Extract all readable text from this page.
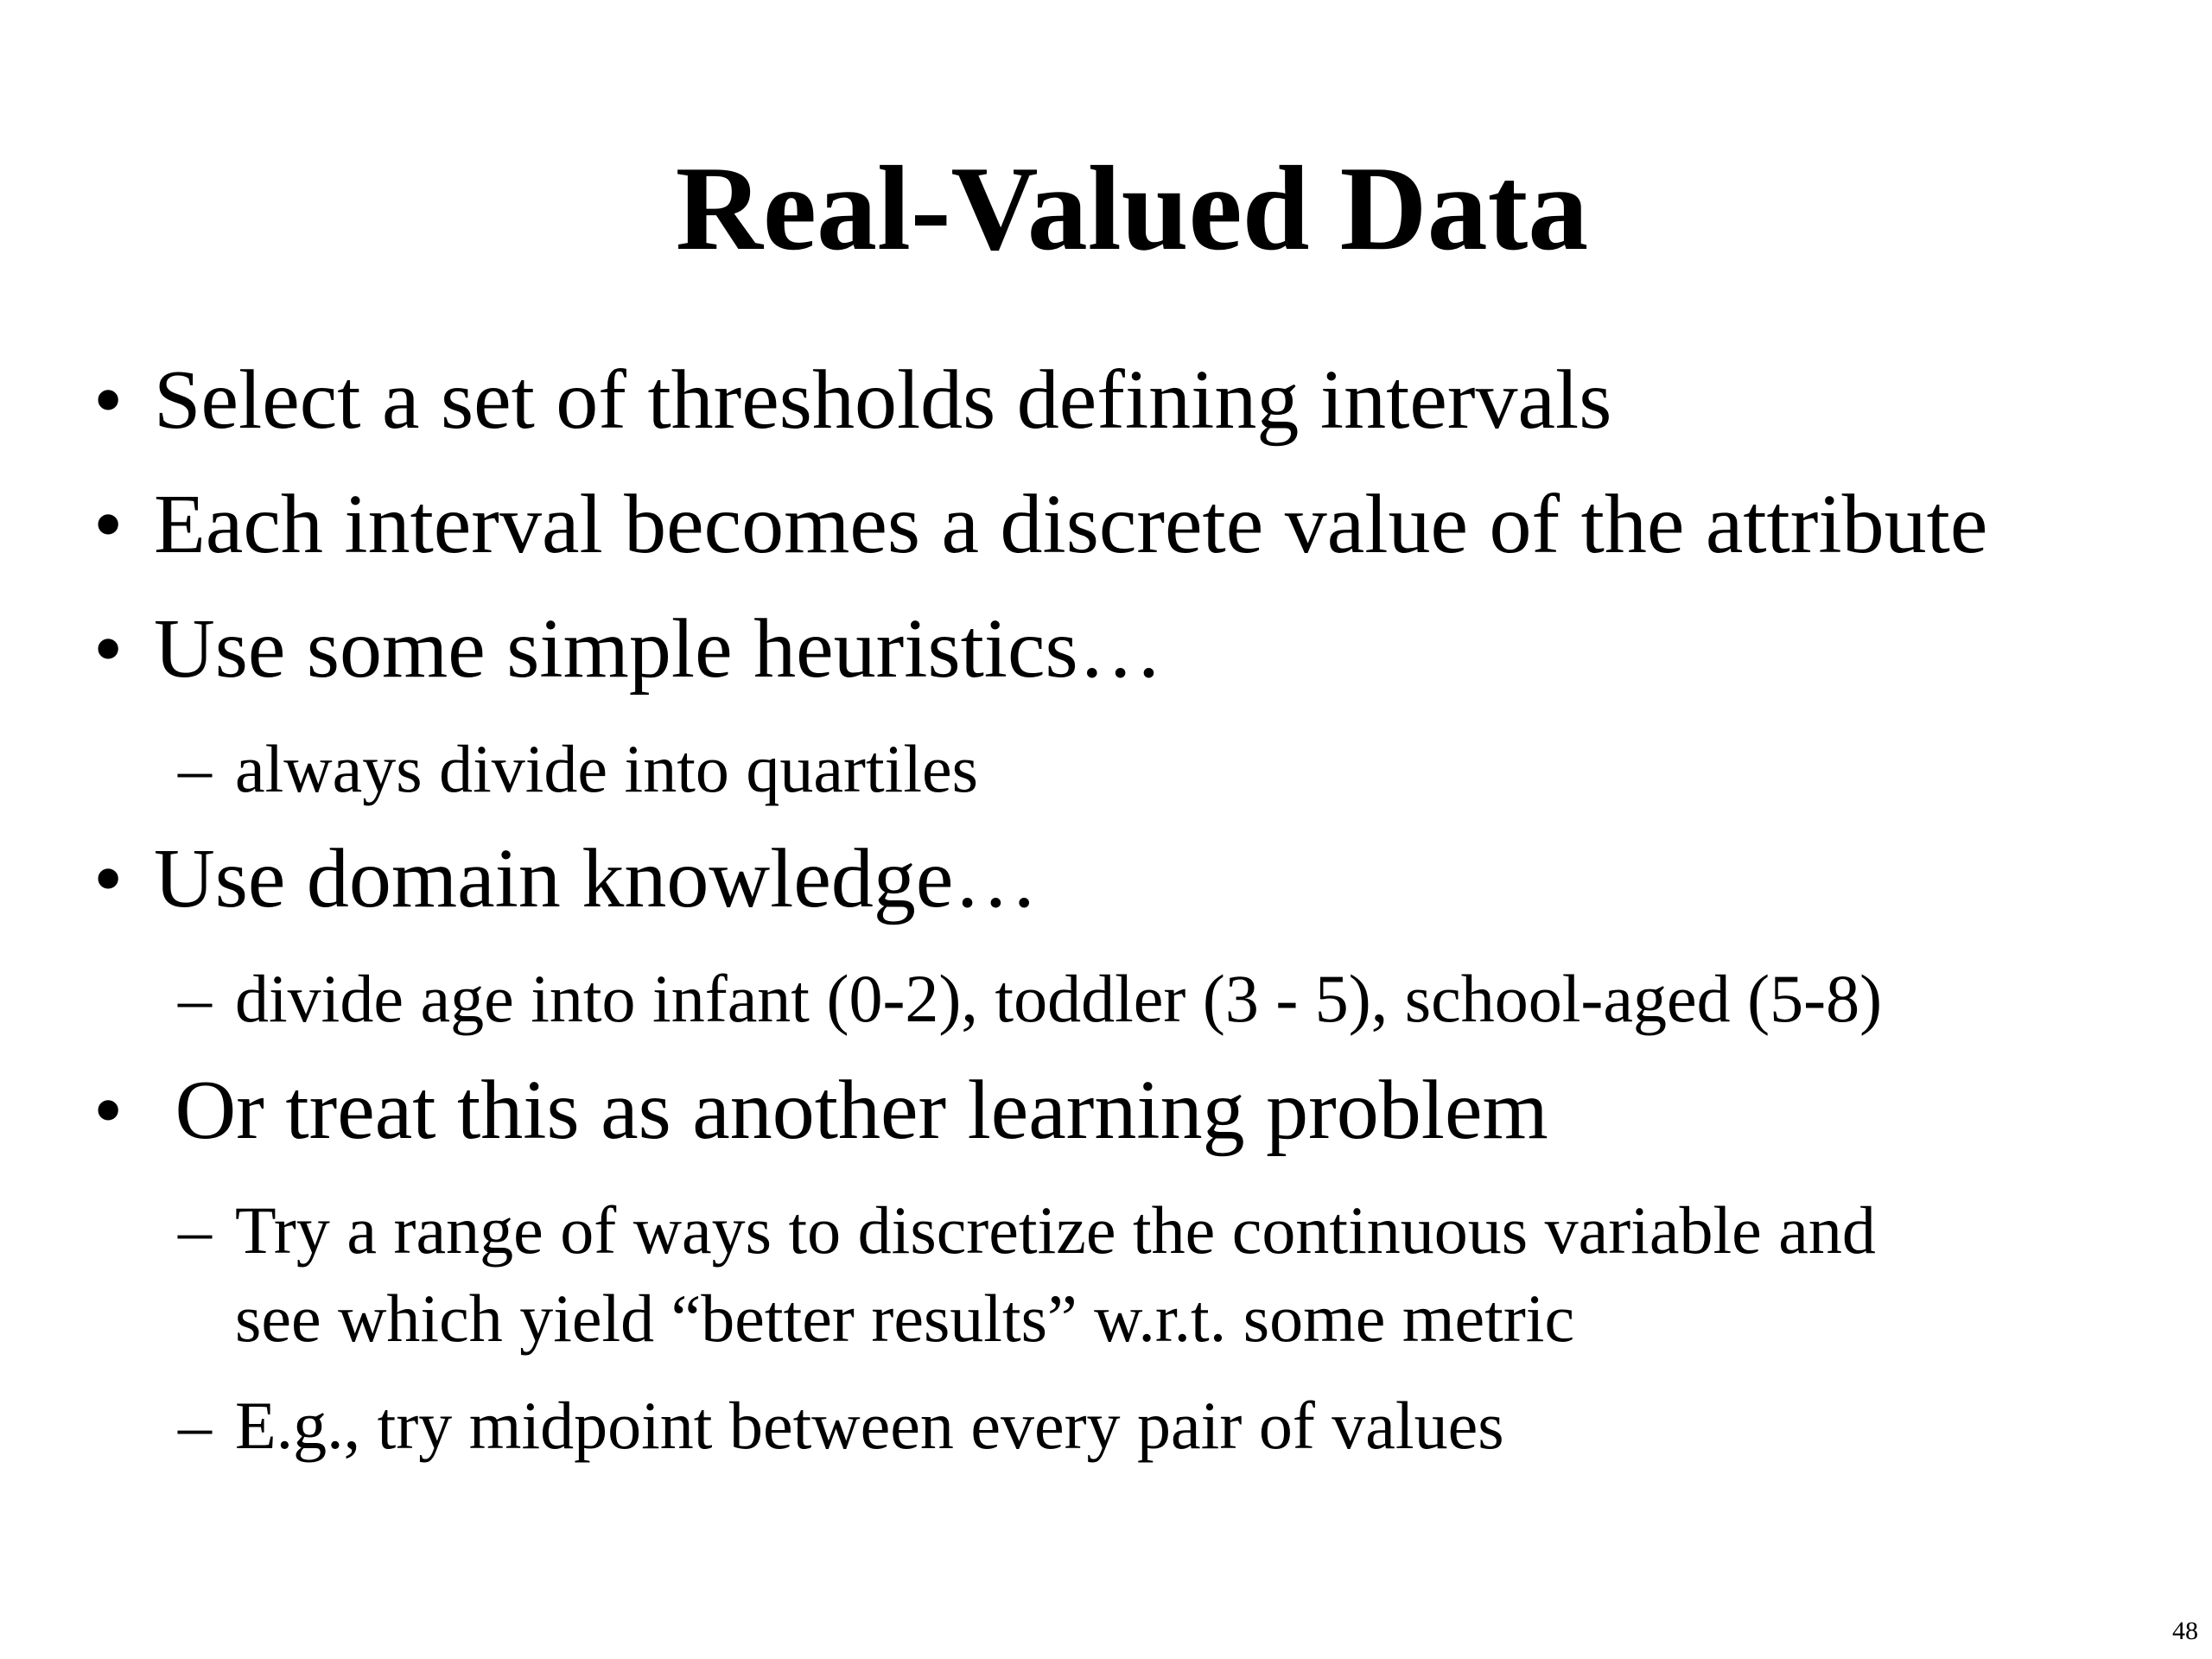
Real-Valued Data
• Select a set of thresholds defining intervals
• Each interval becomes a discrete value of the attribute
• Use some simple heuristics…
– always divide into quartiles
• Use domain knowledge…
– divide age into infant (0-2), toddler (3 - 5), school-aged (5-8)
• Or treat this as another learning problem
– Try a range of ways to discretize the continuous variable and
see which yield “better results” w.r.t. some metric
– E.g., try midpoint between every pair of values
48
